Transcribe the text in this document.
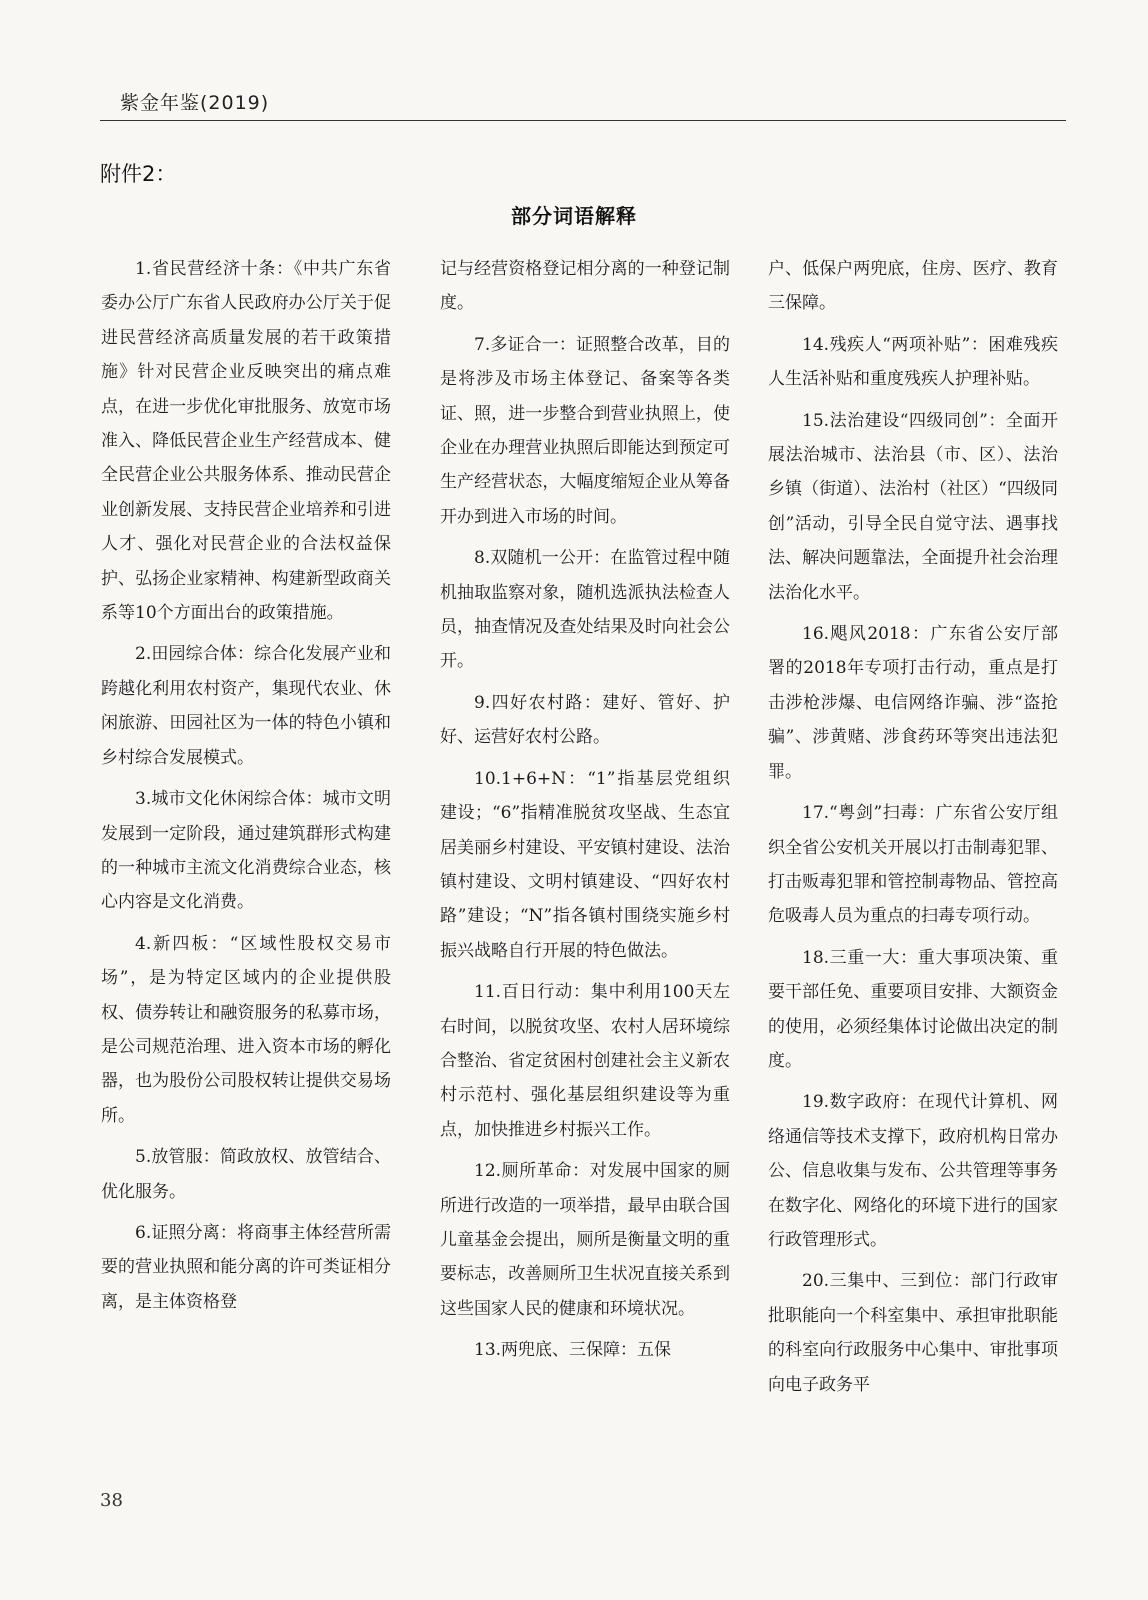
紫金年鉴(2019)
附件2：
部分词语解释

1.省民营经济十条：《中共广东省委办公厅广东省人民政府办公厅关于促进民营经济高质量发展的若干政策措施》针对民营企业反映突出的痛点难点，在进一步优化审批服务、放宽市场准入、降低民营企业生产经营成本、健全民营企业公共服务体系、推动民营企业创新发展、支持民营企业培养和引进人才、强化对民营企业的合法权益保护、弘扬企业家精神、构建新型政商关系等10个方面出台的政策措施。

2.田园综合体：综合化发展产业和跨越化利用农村资产，集现代农业、休闲旅游、田园社区为一体的特色小镇和乡村综合发展模式。

3.城市文化休闲综合体：城市文明发展到一定阶段，通过建筑群形式构建的一种城市主流文化消费综合业态，核心内容是文化消费。

4.新四板：“区域性股权交易市场”，是为特定区域内的企业提供股权、债券转让和融资服务的私募市场，是公司规范治理、进入资本市场的孵化器，也为股份公司股权转让提供交易场所。

5.放管服：简政放权、放管结合、优化服务。

6.证照分离：将商事主体经营所需要的营业执照和能分离的许可类证相分离，是主体资格登

记与经营资格登记相分离的一种登记制度。

7.多证合一：证照整合改革，目的是将涉及市场主体登记、备案等各类证、照，进一步整合到营业执照上，使企业在办理营业执照后即能达到预定可生产经营状态，大幅度缩短企业从筹备开办到进入市场的时间。

8.双随机一公开：在监管过程中随机抽取监察对象，随机选派执法检查人员，抽查情况及查处结果及时向社会公开。

9.四好农村路：建好、管好、护好、运营好农村公路。

10.1+6+N：“1”指基层党组织建设；“6”指精准脱贫攻坚战、生态宜居美丽乡村建设、平安镇村建设、法治镇村建设、文明村镇建设、“四好农村路”建设；“N”指各镇村围绕实施乡村振兴战略自行开展的特色做法。

11.百日行动：集中利用100天左右时间，以脱贫攻坚、农村人居环境综合整治、省定贫困村创建社会主义新农村示范村、强化基层组织建设等为重点，加快推进乡村振兴工作。

12.厕所革命：对发展中国家的厕所进行改造的一项举措，最早由联合国儿童基金会提出，厕所是衡量文明的重要标志，改善厕所卫生状况直接关系到这些国家人民的健康和环境状况。

13.两兜底、三保障：五保

户、低保户两兜底，住房、医疗、教育三保障。

14.残疾人“两项补贴”：困难残疾人生活补贴和重度残疾人护理补贴。

15.法治建设“四级同创”：全面开展法治城市、法治县（市、区）、法治乡镇（街道）、法治村（社区）“四级同创”活动，引导全民自觉守法、遇事找法、解决问题靠法，全面提升社会治理法治化水平。

16.飓风2018：广东省公安厅部署的2018年专项打击行动，重点是打击涉枪涉爆、电信网络诈骗、涉“盗抢骗”、涉黄赌、涉食药环等突出违法犯罪。

17.“粤剑”扫毒：广东省公安厅组织全省公安机关开展以打击制毒犯罪、打击贩毒犯罪和管控制毒物品、管控高危吸毒人员为重点的扫毒专项行动。

18.三重一大：重大事项决策、重要干部任免、重要项目安排、大额资金的使用，必须经集体讨论做出决定的制度。

19.数字政府：在现代计算机、网络通信等技术支撑下，政府机构日常办公、信息收集与发布、公共管理等事务在数字化、网络化的环境下进行的国家行政管理形式。

20.三集中、三到位：部门行政审批职能向一个科室集中、承担审批职能的科室向行政服务中心集中、审批事项向电子政务平

38
